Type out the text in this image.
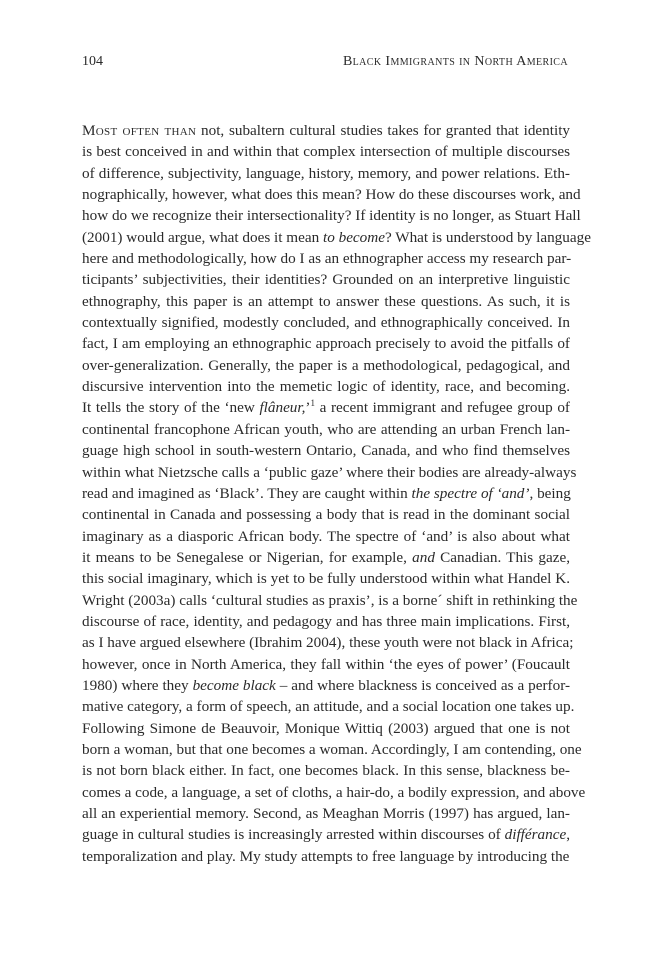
104	Black Immigrants in North America
Most often than not, subaltern cultural studies takes for granted that identity
is best conceived in and within that complex intersection of multiple discourses
of difference, subjectivity, language, history, memory, and power relations. Eth-
nographically, however, what does this mean? How do these discourses work, and
how do we recognize their intersectionality? If identity is no longer, as Stuart Hall
(2001) would argue, what does it mean to become? What is understood by language
here and methodologically, how do I as an ethnographer access my research par-
ticipants’ subjectivities, their identities? Grounded on an interpretive linguistic
ethnography, this paper is an attempt to answer these questions. As such, it is
contextually signified, modestly concluded, and ethnographically conceived. In
fact, I am employing an ethnographic approach precisely to avoid the pitfalls of
over-generalization. Generally, the paper is a methodological, pedagogical, and
discursive intervention into the memetic logic of identity, race, and becoming.
It tells the story of the ‘new flâneur,’$^1$ a recent immigrant and refugee group of
continental francophone African youth, who are attending an urban French lan-
guage high school in south-western Ontario, Canada, and who find themselves
within what Nietzsche calls a ‘public gaze’ where their bodies are already-always
read and imagined as ‘Black’. They are caught within the spectre of ‘and’, being
continental in Canada and possessing a body that is read in the dominant social
imaginary as a diasporic African body. The spectre of ‘and’ is also about what
it means to be Senegalese or Nigerian, for example, and Canadian. This gaze,
this social imaginary, which is yet to be fully understood within what Handel K.
Wright (2003a) calls ‘cultural studies as praxis’, is a borne´ shift in rethinking the
discourse of race, identity, and pedagogy and has three main implications. First,
as I have argued elsewhere (Ibrahim 2004), these youth were not black in Africa;
however, once in North America, they fall within ‘the eyes of power’ (Foucault
1980) where they become black – and where blackness is conceived as a perfor-
mative category, a form of speech, an attitude, and a social location one takes up.
Following Simone de Beauvoir, Monique Wittiq (2003) argued that one is not
born a woman, but that one becomes a woman. Accordingly, I am contending, one
is not born black either. In fact, one becomes black. In this sense, blackness be-
comes a code, a language, a set of cloths, a hair-do, a bodily expression, and above
all an experiential memory. Second, as Meaghan Morris (1997) has argued, lan-
guage in cultural studies is increasingly arrested within discourses of différance,
temporalization and play. My study attempts to free language by introducing the
